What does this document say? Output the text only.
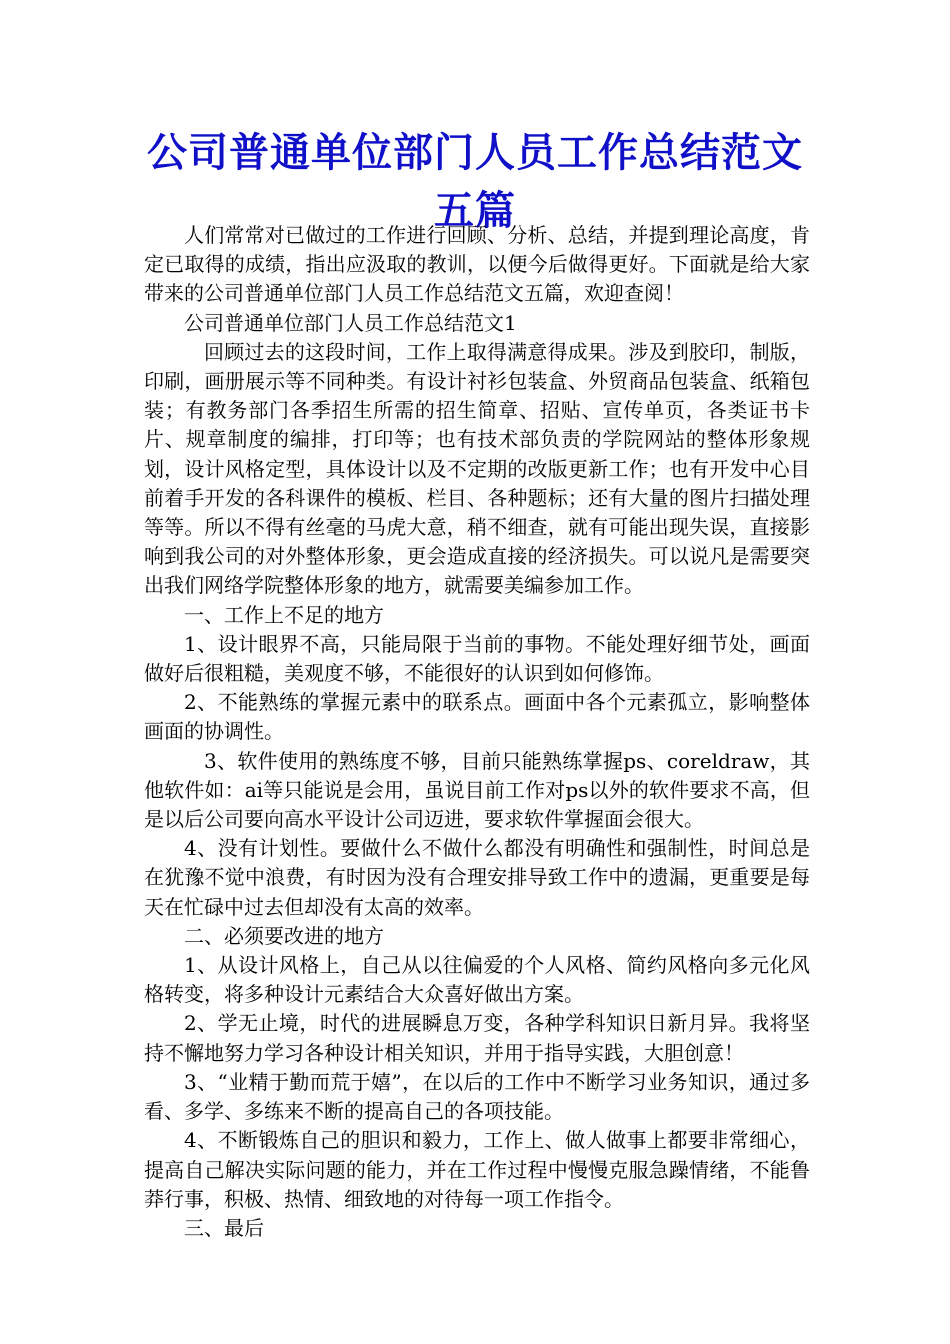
公司普通单位部门人员工作总结范文五篇

人们常常对已做过的工作进行回顾、分析、总结，并提到理论高度，肯定已取得的成绩，指出应汲取的教训，以便今后做得更好。下面就是给大家带来的公司普通单位部门人员工作总结范文五篇，欢迎查阅！

公司普通单位部门人员工作总结范文1

回顾过去的这段时间，工作上取得满意得成果。涉及到胶印，制版，印刷，画册展示等不同种类。有设计衬衫包装盒、外贸商品包装盒、纸箱包装；有教务部门各季招生所需的招生简章、招贴、宣传单页，各类证书卡片、规章制度的编排，打印等；也有技术部负责的学院网站的整体形象规划，设计风格定型，具体设计以及不定期的改版更新工作；也有开发中心目前着手开发的各科课件的模板、栏目、各种题标；还有大量的图片扫描处理等等。所以不得有丝毫的马虎大意，稍不细查，就有可能出现失误，直接影响到我公司的对外整体形象，更会造成直接的经济损失。可以说凡是需要突出我们网络学院整体形象的地方，就需要美编参加工作。

一、工作上不足的地方

1、设计眼界不高，只能局限于当前的事物。不能处理好细节处，画面做好后很粗糙，美观度不够，不能很好的认识到如何修饰。

2、不能熟练的掌握元素中的联系点。画面中各个元素孤立，影响整体画面的协调性。

3、软件使用的熟练度不够，目前只能熟练掌握ps、coreldraw，其他软件如：ai等只能说是会用，虽说目前工作对ps以外的软件要求不高，但是以后公司要向高水平设计公司迈进，要求软件掌握面会很大。

4、没有计划性。要做什么不做什么都没有明确性和强制性，时间总是在犹豫不觉中浪费，有时因为没有合理安排导致工作中的遗漏，更重要是每天在忙碌中过去但却没有太高的效率。

二、必须要改进的地方

1、从设计风格上，自己从以往偏爱的个人风格、简约风格向多元化风格转变，将多种设计元素结合大众喜好做出方案。

2、学无止境，时代的进展瞬息万变，各种学科知识日新月异。我将坚持不懈地努力学习各种设计相关知识，并用于指导实践，大胆创意！

3、“业精于勤而荒于嬉”，在以后的工作中不断学习业务知识，通过多看、多学、多练来不断的提高自己的各项技能。

4、不断锻炼自己的胆识和毅力，工作上、做人做事上都要非常细心，提高自己解决实际问题的能力，并在工作过程中慢慢克服急躁情绪，不能鲁莽行事，积极、热情、细致地的对待每一项工作指令。

三、最后
